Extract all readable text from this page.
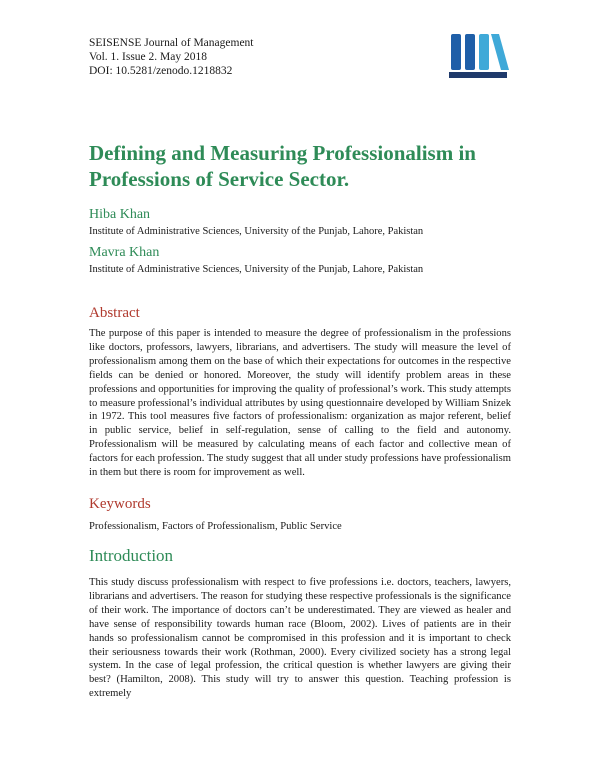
SEISENSE Journal of Management
Vol. 1. Issue 2. May 2018
DOI: 10.5281/zenodo.1218832
Defining and Measuring Professionalism in Professions of Service Sector.
Hiba Khan
Institute of Administrative Sciences, University of the Punjab, Lahore, Pakistan
Mavra Khan
Institute of Administrative Sciences, University of the Punjab, Lahore, Pakistan
Abstract
The purpose of this paper is intended to measure the degree of professionalism in the professions like doctors, professors, lawyers, librarians, and advertisers. The study will measure the level of professionalism among them on the base of which their expectations for outcomes in the respective fields can be denied or honored. Moreover, the study will identify problem areas in these professions and opportunities for improving the quality of professional’s work. This study attempts to measure professional’s individual attributes by using questionnaire developed by William Snizek in 1972. This tool measures five factors of professionalism: organization as major referent, belief in public service, belief in self-regulation, sense of calling to the field and autonomy. Professionalism will be measured by calculating means of each factor and collective mean of factors for each profession. The study suggest that all under study professions have professionalism in them but there is room for improvement as well.
Keywords
Professionalism, Factors of Professionalism, Public Service
Introduction
This study discuss professionalism with respect to five professions i.e. doctors, teachers, lawyers, librarians and advertisers. The reason for studying these respective professionals is the significance of their work. The importance of doctors can’t be underestimated. They are viewed as healer and have sense of responsibility towards human race (Bloom, 2002). Lives of patients are in their hands so professionalism cannot be compromised in this profession and it is important to check their seriousness towards their work (Rothman, 2000). Every civilized society has a strong legal system. In the case of legal profession, the critical question is whether lawyers are giving their best? (Hamilton, 2008). This study will try to answer this question. Teaching profession is extremely
